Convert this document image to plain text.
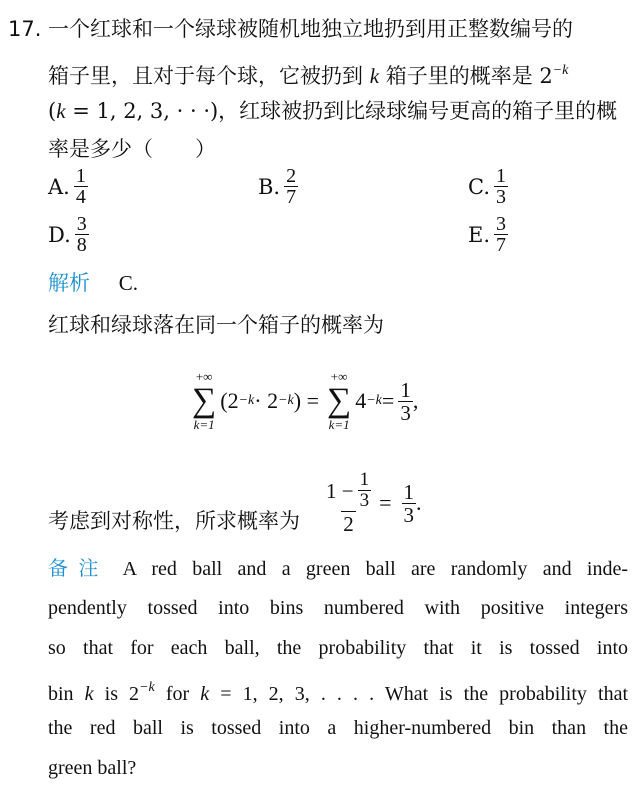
17. 一个红球和一个绿球被随机地独立地扔到用正整数编号的
箱子里，且对于每个球，它被扔到 k 箱子里的概率是 $2^{-k}$
(k = 1, 2, 3, · · ·)，红球被扔到比绿球编号更高的箱子里的概
率是多少（　　）
A. $\frac{1}{4}$	B. $\frac{2}{7}$	C. $\frac{1}{3}$
D. $\frac{3}{8}$	E. $\frac{3}{7}$
解析 C.
红球和绿球落在同一个箱子的概率为
+∞
∑
k=1
(2 −k · 2 −k ) =
+∞
∑
k=1
$4 -k = \frac{1}{3}$ ,
考虑到对称性，所求概率为 $\frac{1 - \frac{1}{3}}{2} = \frac{1}{3}$ .
备注 A red ball and a green ball are randomly and inde-
pendently tossed into bins numbered with positive integers
so that for each ball, the probability that it is tossed into
bin k is $2^{-k}$ for k = 1, 2, 3, . . . . What is the probability that
the red ball is tossed into a higher-numbered bin than the
green ball?
